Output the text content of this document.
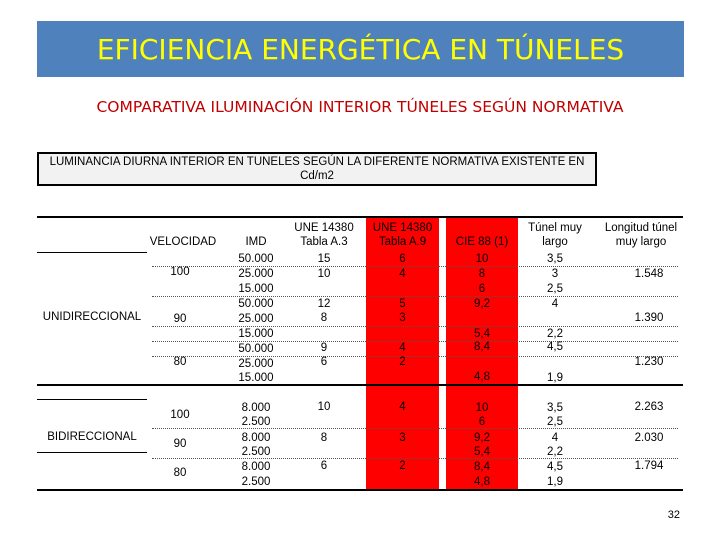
EFICIENCIA ENERGÉTICA EN TÚNELES
COMPARATIVA ILUMINACIÓN INTERIOR TÚNELES SEGÚN NORMATIVA
LUMINANCIA DIURNA INTERIOR EN TUNELES SEGÚN LA DIFERENTE NORMATIVA EXISTENTE EN Cd/m2
VELOCIDAD	IMD
UNE 14380
Tabla A.3
UNE 14380
Tabla A.9	CIE 88 (1)
Túnel muy
largo
Longitud túnel
muy largo
UNIDIRECCIONAL
BIDIRECCIONAL
100
90
80
50.000
25.000
15.000
50.000
25.000
15.000
50.000
25.000
15.000
15
10
12
8
9
6
6
4
5
3
4
2
10
8
6
9,2
5,4
8,4
4,8
3,5
3
2,5
4
2,2
4,5
1,9
1.548
1.390
1.230
100
90
80
8.000
2.500
8.000
2.500
8.000
2.500
10
8
6
4
3
2
10
6
9,2
5,4
8,4
4,8
3,5
2,5
4
2,2
4,5
1,9
2.263
2.030
1.794
32
